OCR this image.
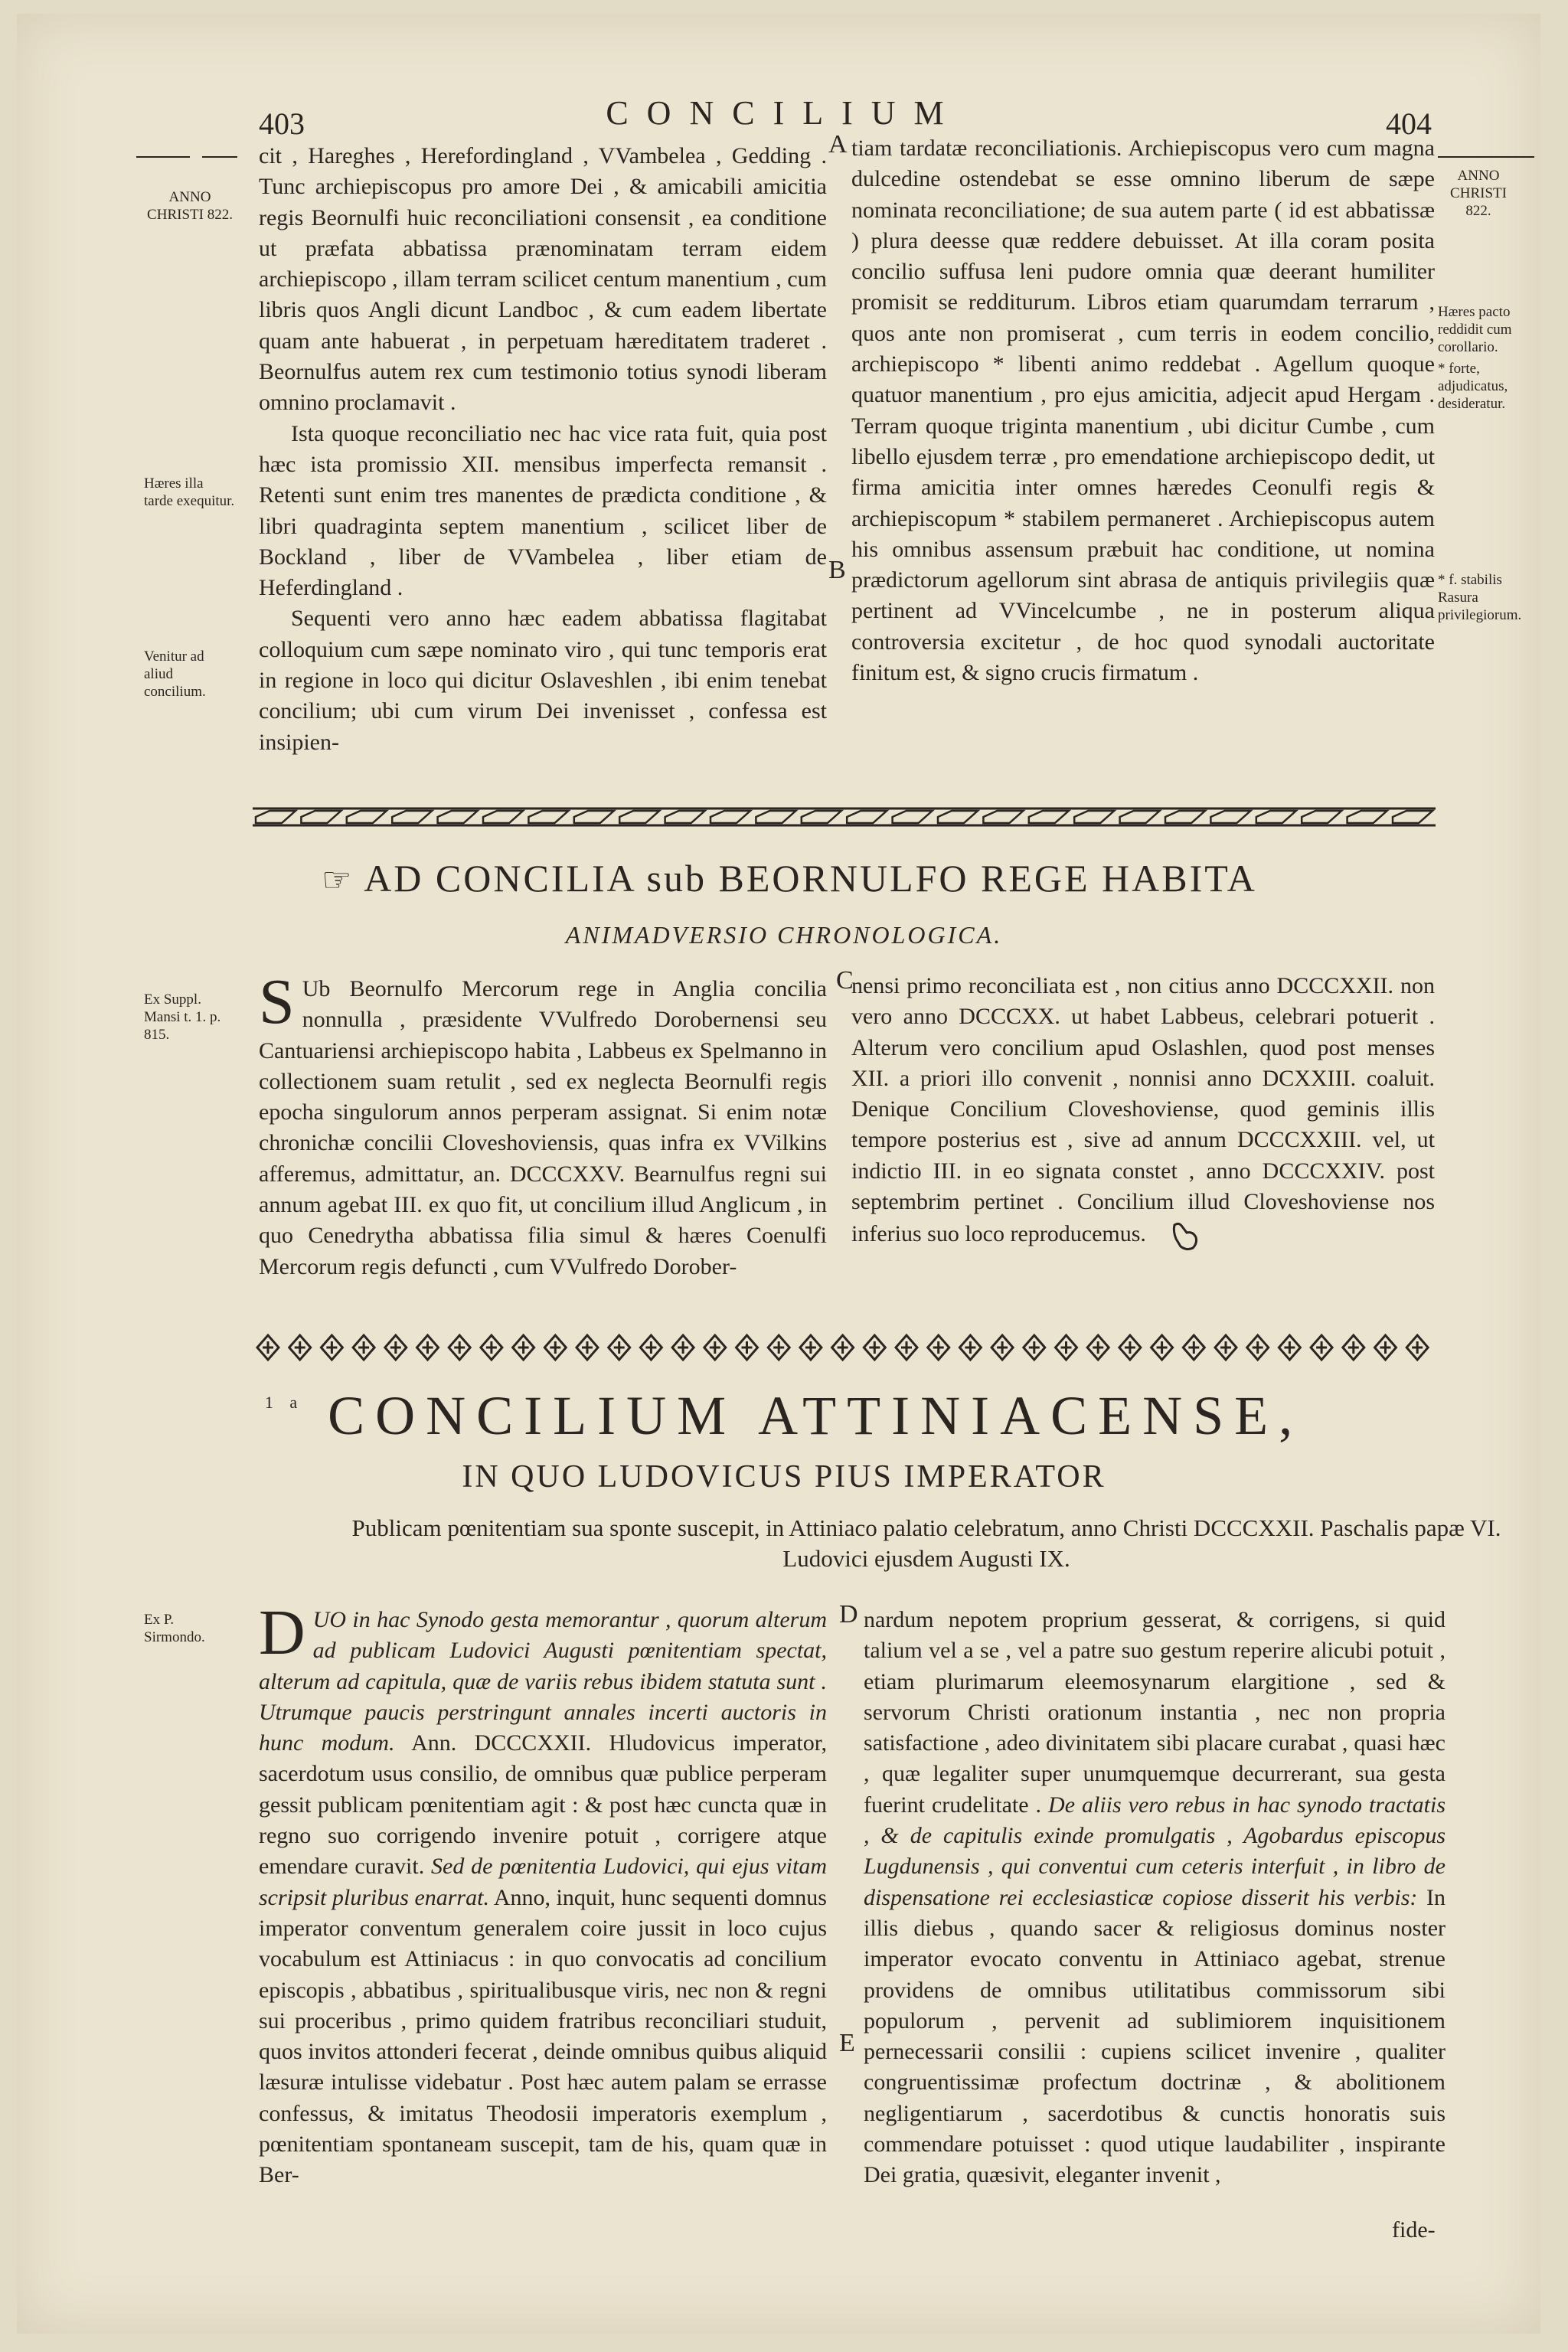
403	CONCILIUM	404
ANNO CHRISTI 822.
ANNO CHRISTI 822.
Hæres illa tarde exequitur.
Venitur ad aliud concilium.
Hæres pacto reddidit cum corollario.
* forte, adjudicatus, desideratur.
* f. stabilis Rasura privilegiorum.
Ex Suppl. Mansi t. 1. p. 815.
Ex P. Sirmondo.

cit , Hareghes , Herefordingland , VVambelea , Gedding . Tunc archiepiscopus pro amore Dei , & amicabili amicitia regis Beornulfi huic reconciliationi consensit , ea conditione ut præfata abbatissa prænominatam terram eidem archiepiscopo , illam terram scilicet centum manentium , cum libris quos Angli dicunt Landboc , & cum eadem libertate quam ante habuerat , in perpetuam hæreditatem traderet . Beornulfus autem rex cum testimonio totius synodi liberam omnino proclamavit .

Ista quoque reconciliatio nec hac vice rata fuit, quia post hæc ista promissio XII. mensibus imperfecta remansit . Retenti sunt enim tres manentes de prædicta conditione , & libri quadraginta septem manentium , scilicet liber de Bockland , liber de VVambelea , liber etiam de Heferdingland .

Sequenti vero anno hæc eadem abbatissa flagitabat colloquium cum sæpe nominato viro , qui tunc temporis erat in regione in loco qui dicitur Oslaveshlen , ibi enim tenebat concilium; ubi cum virum Dei invenisset , confessa est insipien-

tiam tardatæ reconciliationis. Archiepiscopus vero cum magna dulcedine ostendebat se esse omnino liberum de sæpe nominata reconciliatione; de sua autem parte ( id est abbatissæ ) plura deesse quæ reddere debuisset. At illa coram posita concilio suffusa leni pudore omnia quæ deerant humiliter promisit se redditurum. Libros etiam quarumdam terrarum , quos ante non promiserat , cum terris in eodem concilio, archiepiscopo * libenti animo reddebat . Agellum quoque quatuor manentium , pro ejus amicitia, adjecit apud Hergam . Terram quoque triginta manentium , ubi dicitur Cumbe , cum libello ejusdem terræ , pro emendatione archiepiscopo dedit, ut firma amicitia inter omnes hæredes Ceonulfi regis & archiepiscopum * stabilem permaneret . Archiepiscopus autem his omnibus assensum præbuit hac conditione, ut nomina prædictorum agellorum sint abrasa de antiquis privilegiis quæ pertinent ad VVincelcumbe , ne in posterum aliqua controversia excitetur , de hoc quod synodali auctoritate finitum est, & signo crucis firmatum .

A
B
☞ AD CONCILIA sub BEORNULFO REGE HABITA
ANIMADVERSIO CHRONOLOGICA.
S Ub Beornulfo Mercorum rege in Anglia concilia nonnulla , præsidente VVulfredo Dorobernensi seu Cantuariensi archiepiscopo habita , Labbeus ex Spelmanno in collectionem suam retulit , sed ex neglecta Beornulfi regis epocha singulorum annos perperam assignat. Si enim notæ chronichæ concilii Cloveshoviensis, quas infra ex VVilkins afferemus, admittatur, an. DCCCXXV. Bearnulfus regni sui annum agebat III. ex quo fit, ut concilium illud Anglicum , in quo Cenedrytha abbatissa filia simul & hæres Coenulfi Mercorum regis defuncti , cum VVulfredo Dorober-
nensi primo reconciliata est , non citius anno DCCCXXII. non vero anno DCCCXX. ut habet Labbeus, celebrari potuerit . Alterum vero concilium apud Oslashlen, quod post menses XII. a priori illo convenit , nonnisi anno DCXXIII. coaluit. Denique Concilium Cloveshoviense, quod geminis illis tempore posterius est , sive ad annum DCCCXXIII. vel, ut indictio III. in eo signata constet , anno DCCCXXIV. post septembrim pertinet . Concilium illud Cloveshoviense nos inferius suo loco reproducemus.
C
$^{1 a}$ CONCILIUM ATTINIACENSE,
IN QUO LUDOVICUS PIUS IMPERATOR
Publicam pœnitentiam sua sponte suscepit, in Attiniaco palatio celebratum, anno Christi DCCCXXII. Paschalis papæ VI. Ludovici ejusdem Augusti IX.
DUO in hac Synodo gesta memorantur , quorum alterum ad publicam Ludovici Augusti pœnitentiam spectat, alterum ad capitula, quæ de variis rebus ibidem statuta sunt . Utrumque paucis perstringunt annales incerti auctoris in hunc modum. Ann. DCCCXXII. Hludovicus imperator, sacerdotum usus consilio, de omnibus quæ publice perperam gessit publicam pœnitentiam agit : & post hæc cuncta quæ in regno suo corrigendo invenire potuit , corrigere atque emendare curavit. Sed de pœnitentia Ludovici, qui ejus vitam scripsit pluribus enarrat. Anno, inquit, hunc sequenti domnus imperator conventum generalem coire jussit in loco cujus vocabulum est Attiniacus : in quo convocatis ad concilium episcopis , abbatibus , spiritualibusque viris, nec non & regni sui proceribus , primo quidem fratribus reconciliari studuit, quos invitos attonderi fecerat , deinde omnibus quibus aliquid læsuræ intulisse videbatur . Post hæc autem palam se errasse confessus, & imitatus Theodosii imperatoris exemplum , pœnitentiam spontaneam suscepit, tam de his, quam quæ in Ber-
nardum nepotem proprium gesserat, & corrigens, si quid talium vel a se , vel a patre suo gestum reperire alicubi potuit , etiam plurimarum eleemosynarum elargitione , sed & servorum Christi orationum instantia , nec non propria satisfactione , adeo divinitatem sibi placare curabat , quasi hæc , quæ legaliter super unumquemque decurrerant, sua gesta fuerint crudelitate . De aliis vero rebus in hac synodo tractatis , & de capitulis exinde promulgatis , Agobardus episcopus Lugdunensis , qui conventui cum ceteris interfuit , in libro de dispensatione rei ecclesiasticæ copiose disserit his verbis: In illis diebus , quando sacer & religiosus dominus noster imperator evocato conventu in Attiniaco agebat, strenue providens de omnibus utilitatibus commissorum sibi populorum , pervenit ad sublimiorem inquisitionem pernecessarii consilii : cupiens scilicet invenire , qualiter congruentissimæ profectum doctrinæ , & abolitionem negligentiarum , sacerdotibus & cunctis honoratis suis commendare potuisset : quod utique laudabiliter , inspirante Dei gratia, quæsivit, eleganter invenit ,
fide-
D
E
